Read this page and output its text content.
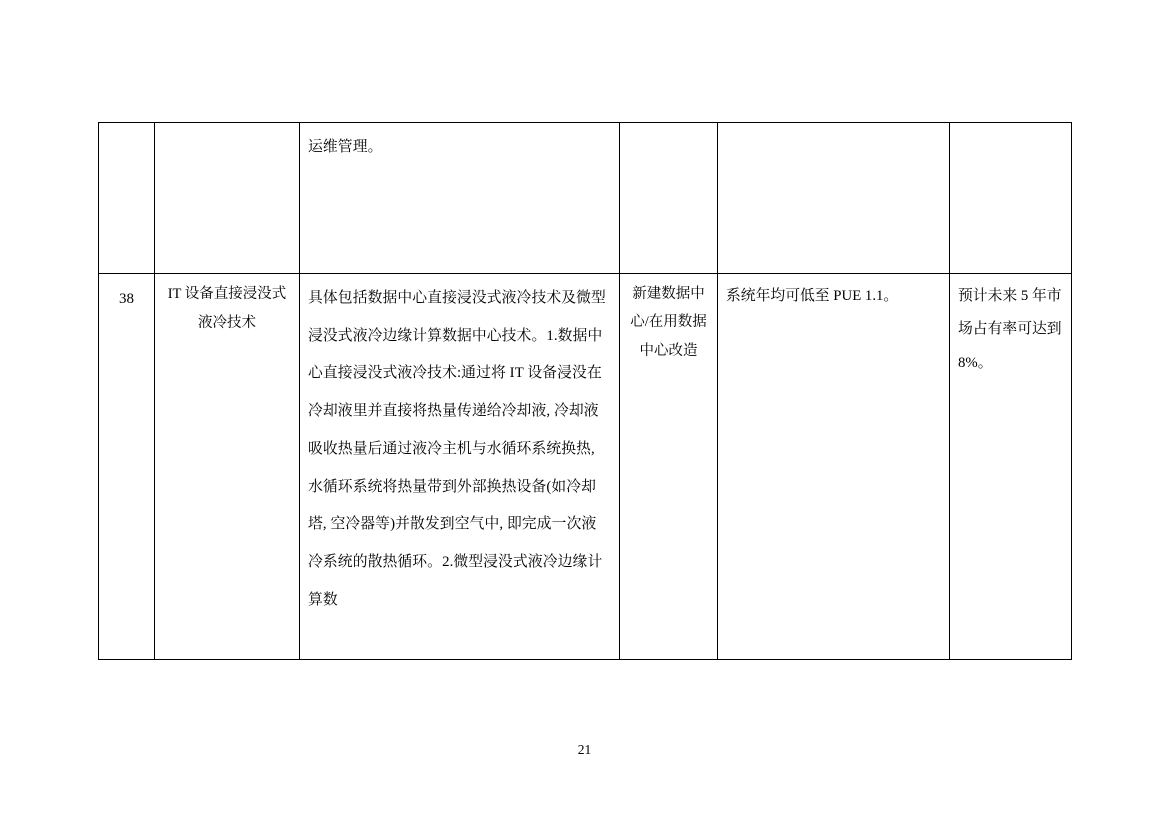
		运维管理。			

38	IT 设备直接浸没式液冷技术	具体包括数据中心直接浸没式液冷技术及微型浸没式液冷边缘计算数据中心技术。1.数据中心直接浸没式液冷技术:通过将 IT 设备浸没在冷却液里并直接将热量传递给冷却液, 冷却液吸收热量后通过液冷主机与水循环系统换热, 水循环系统将热量带到外部换热设备(如冷却塔, 空冷器等)并散发到空气中, 即完成一次液冷系统的散热循环。2.微型浸没式液冷边缘计算数	新建数据中心/在用数据中心改造	系统年均可低至 PUE 1.1。	预计未来 5 年市场占有率可达到 8%。
21
